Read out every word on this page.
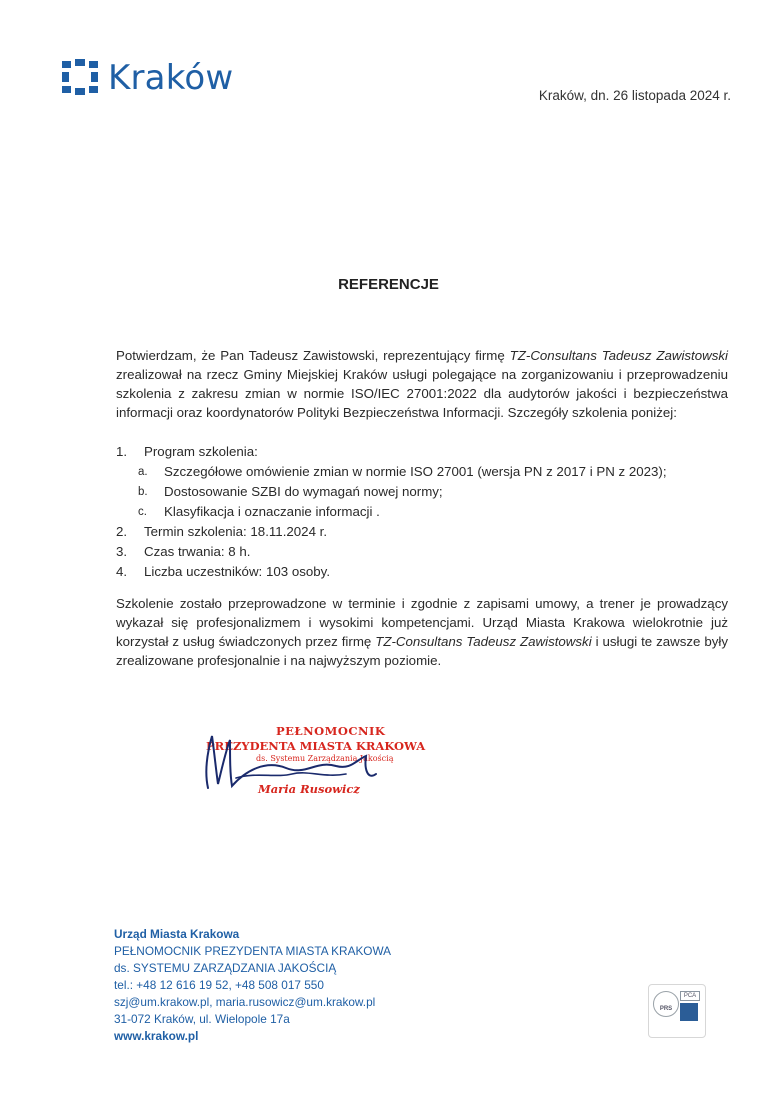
Kraków	Kraków, dn. 26 listopada 2024 r.
REFERENCJE
Potwierdzam, że Pan Tadeusz Zawistowski, reprezentujący firmę TZ-Consultans Tadeusz Zawistowski zrealizował na rzecz Gminy Miejskiej Kraków usługi polegające na zorganizowaniu i przeprowadzeniu szkolenia z zakresu zmian w normie ISO/IEC 27001:2022 dla audytorów jakości i bezpieczeństwa informacji oraz koordynatorów Polityki Bezpieczeństwa Informacji. Szczegóły szkolenia poniżej:
1.	Program szkolenia:
a.	Szczegółowe omówienie zmian w normie ISO 27001 (wersja PN z 2017 i PN z 2023);
b.	Dostosowanie SZBI do wymagań nowej normy;
c.	Klasyfikacja i oznaczanie informacji .
2.	Termin szkolenia: 18.11.2024 r.
3.	Czas trwania: 8 h.
4.	Liczba uczestników: 103 osoby.
Szkolenie zostało przeprowadzone w terminie i zgodnie z zapisami umowy, a trener je prowadzący wykazał się profesjonalizmem i wysokimi kompetencjami. Urząd Miasta Krakowa wielokrotnie już korzystał z usług świadczonych przez firmę TZ-Consultans Tadeusz Zawistowski i usługi te zawsze były zrealizowane profesjonalnie i na najwyższym poziomie.
PEŁNOMOCNIK
PREZYDENTA MIASTA KRAKOWA
ds. Systemu Zarządzania Jakością
Maria Rusowicz
Urząd Miasta Krakowa
PEŁNOMOCNIK PREZYDENTA MIASTA KRAKOWA
ds. SYSTEMU ZARZĄDZANIA JAKOŚCIĄ
tel.: +48 12 616 19 52, +48 508 017 550
szj@um.krakow.pl, maria.rusowicz@um.krakow.pl
31-072 Kraków, ul. Wielopole 17a
www.krakow.pl
PRS
PCA
